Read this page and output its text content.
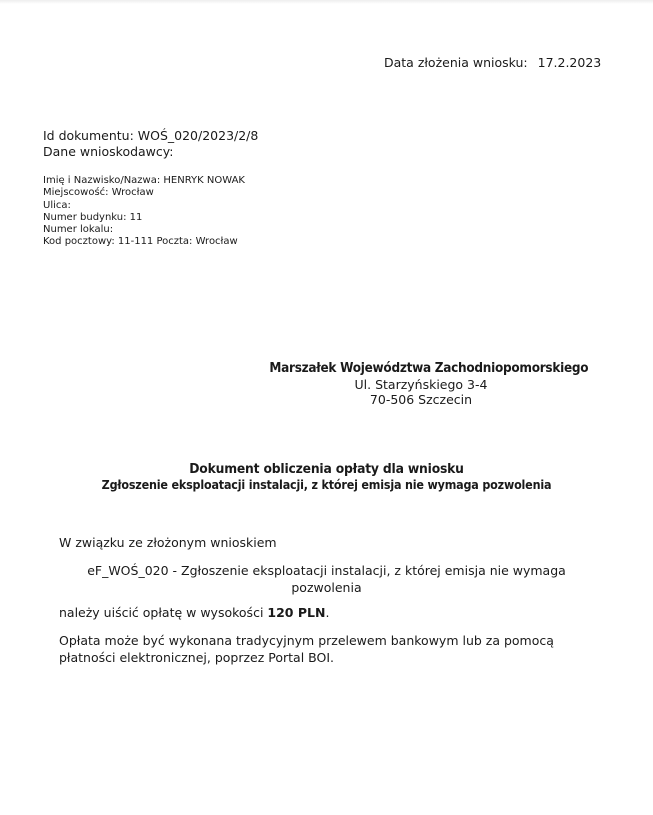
Data złożenia wniosku: 17.2.2023
Id dokumentu: WOŚ_020/2023/2/8
Dane wnioskodawcy:
Imię i Nazwisko/Nazwa: HENRYK NOWAK
Miejscowość: Wrocław
Ulica:
Numer budynku: 11
Numer lokalu:
Kod pocztowy: 11-111 Poczta: Wrocław
Marszałek Województwa Zachodniopomorskiego
Ul. Starzyńskiego 3-4
70-506 Szczecin
Dokument obliczenia opłaty dla wniosku
Zgłoszenie eksploatacji instalacji, z której emisja nie wymaga pozwolenia
W związku ze złożonym wnioskiem
eF_WOŚ_020 - Zgłoszenie eksploatacji instalacji, z której emisja nie wymaga pozwolenia
należy uiścić opłatę w wysokości 120 PLN.
Opłata może być wykonana tradycyjnym przelewem bankowym lub za pomocą płatności elektronicznej, poprzez Portal BOI.
